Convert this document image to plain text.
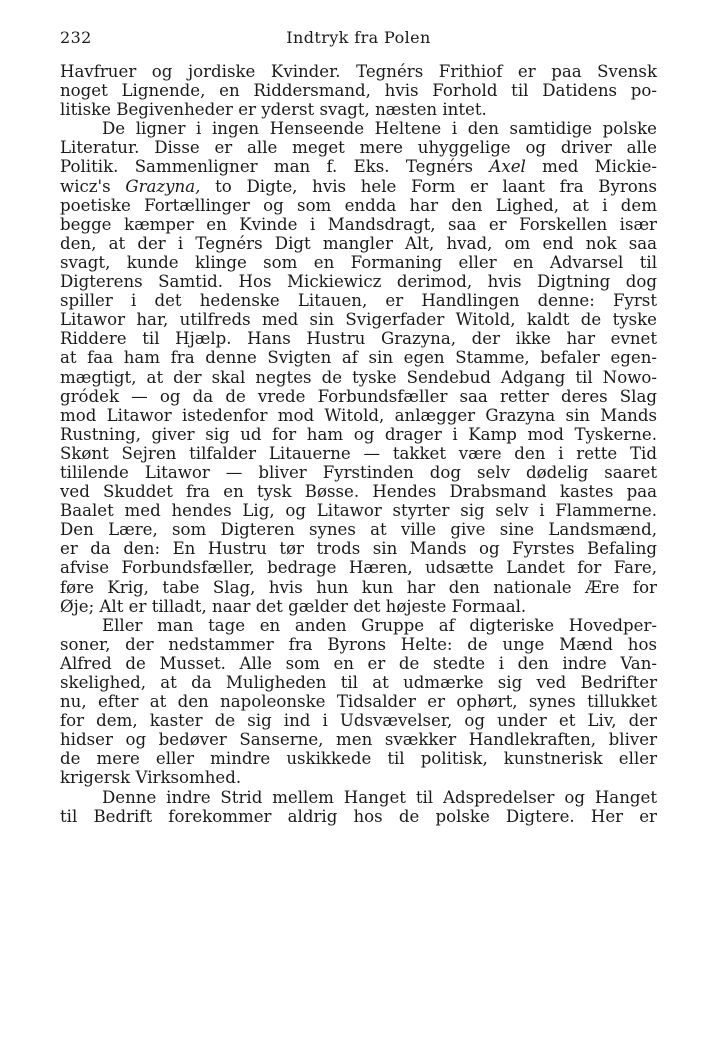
232	Indtryk fra Polen
Havfruer og jordiske Kvinder. Tegnérs Frithiof er paa Svensk
noget Lignende, en Riddersmand, hvis Forhold til Datidens po-
litiske Begivenheder er yderst svagt, næsten intet.
De ligner i ingen Henseende Heltene i den samtidige polske
Literatur. Disse er alle meget mere uhyggelige og driver alle
Politik. Sammenligner man f. Eks. Tegnérs Axel med Mickie-
wicz's Grazyna, to Digte, hvis hele Form er laant fra Byrons
poetiske Fortællinger og som endda har den Lighed, at i dem
begge kæmper en Kvinde i Mandsdragt, saa er Forskellen især
den, at der i Tegnérs Digt mangler Alt, hvad, om end nok saa
svagt, kunde klinge som en Formaning eller en Advarsel til
Digterens Samtid. Hos Mickiewicz derimod, hvis Digtning dog
spiller i det hedenske Litauen, er Handlingen denne: Fyrst
Litawor har, utilfreds med sin Svigerfader Witold, kaldt de tyske
Riddere til Hjælp. Hans Hustru Grazyna, der ikke har evnet
at faa ham fra denne Svigten af sin egen Stamme, befaler egen-
mægtigt, at der skal negtes de tyske Sendebud Adgang til Nowo-
gródek — og da de vrede Forbundsfæller saa retter deres Slag
mod Litawor istedenfor mod Witold, anlægger Grazyna sin Mands
Rustning, giver sig ud for ham og drager i Kamp mod Tyskerne.
Skønt Sejren tilfalder Litauerne — takket være den i rette Tid
tililende Litawor — bliver Fyrstinden dog selv dødelig saaret
ved Skuddet fra en tysk Bøsse. Hendes Drabsmand kastes paa
Baalet med hendes Lig, og Litawor styrter sig selv i Flammerne.
Den Lære, som Digteren synes at ville give sine Landsmænd,
er da den: En Hustru tør trods sin Mands og Fyrstes Befaling
afvise Forbundsfæller, bedrage Hæren, udsætte Landet for Fare,
føre Krig, tabe Slag, hvis hun kun har den nationale Ære for
Øje; Alt er tilladt, naar det gælder det højeste Formaal.
Eller man tage en anden Gruppe af digteriske Hovedper-
soner, der nedstammer fra Byrons Helte: de unge Mænd hos
Alfred de Musset. Alle som en er de stedte i den indre Van-
skelighed, at da Muligheden til at udmærke sig ved Bedrifter
nu, efter at den napoleonske Tidsalder er ophørt, synes tillukket
for dem, kaster de sig ind i Udsvævelser, og under et Liv, der
hidser og bedøver Sanserne, men svækker Handlekraften, bliver
de mere eller mindre uskikkede til politisk, kunstnerisk eller
krigersk Virksomhed.
Denne indre Strid mellem Hanget til Adspredelser og Hanget
til Bedrift forekommer aldrig hos de polske Digtere. Her er
